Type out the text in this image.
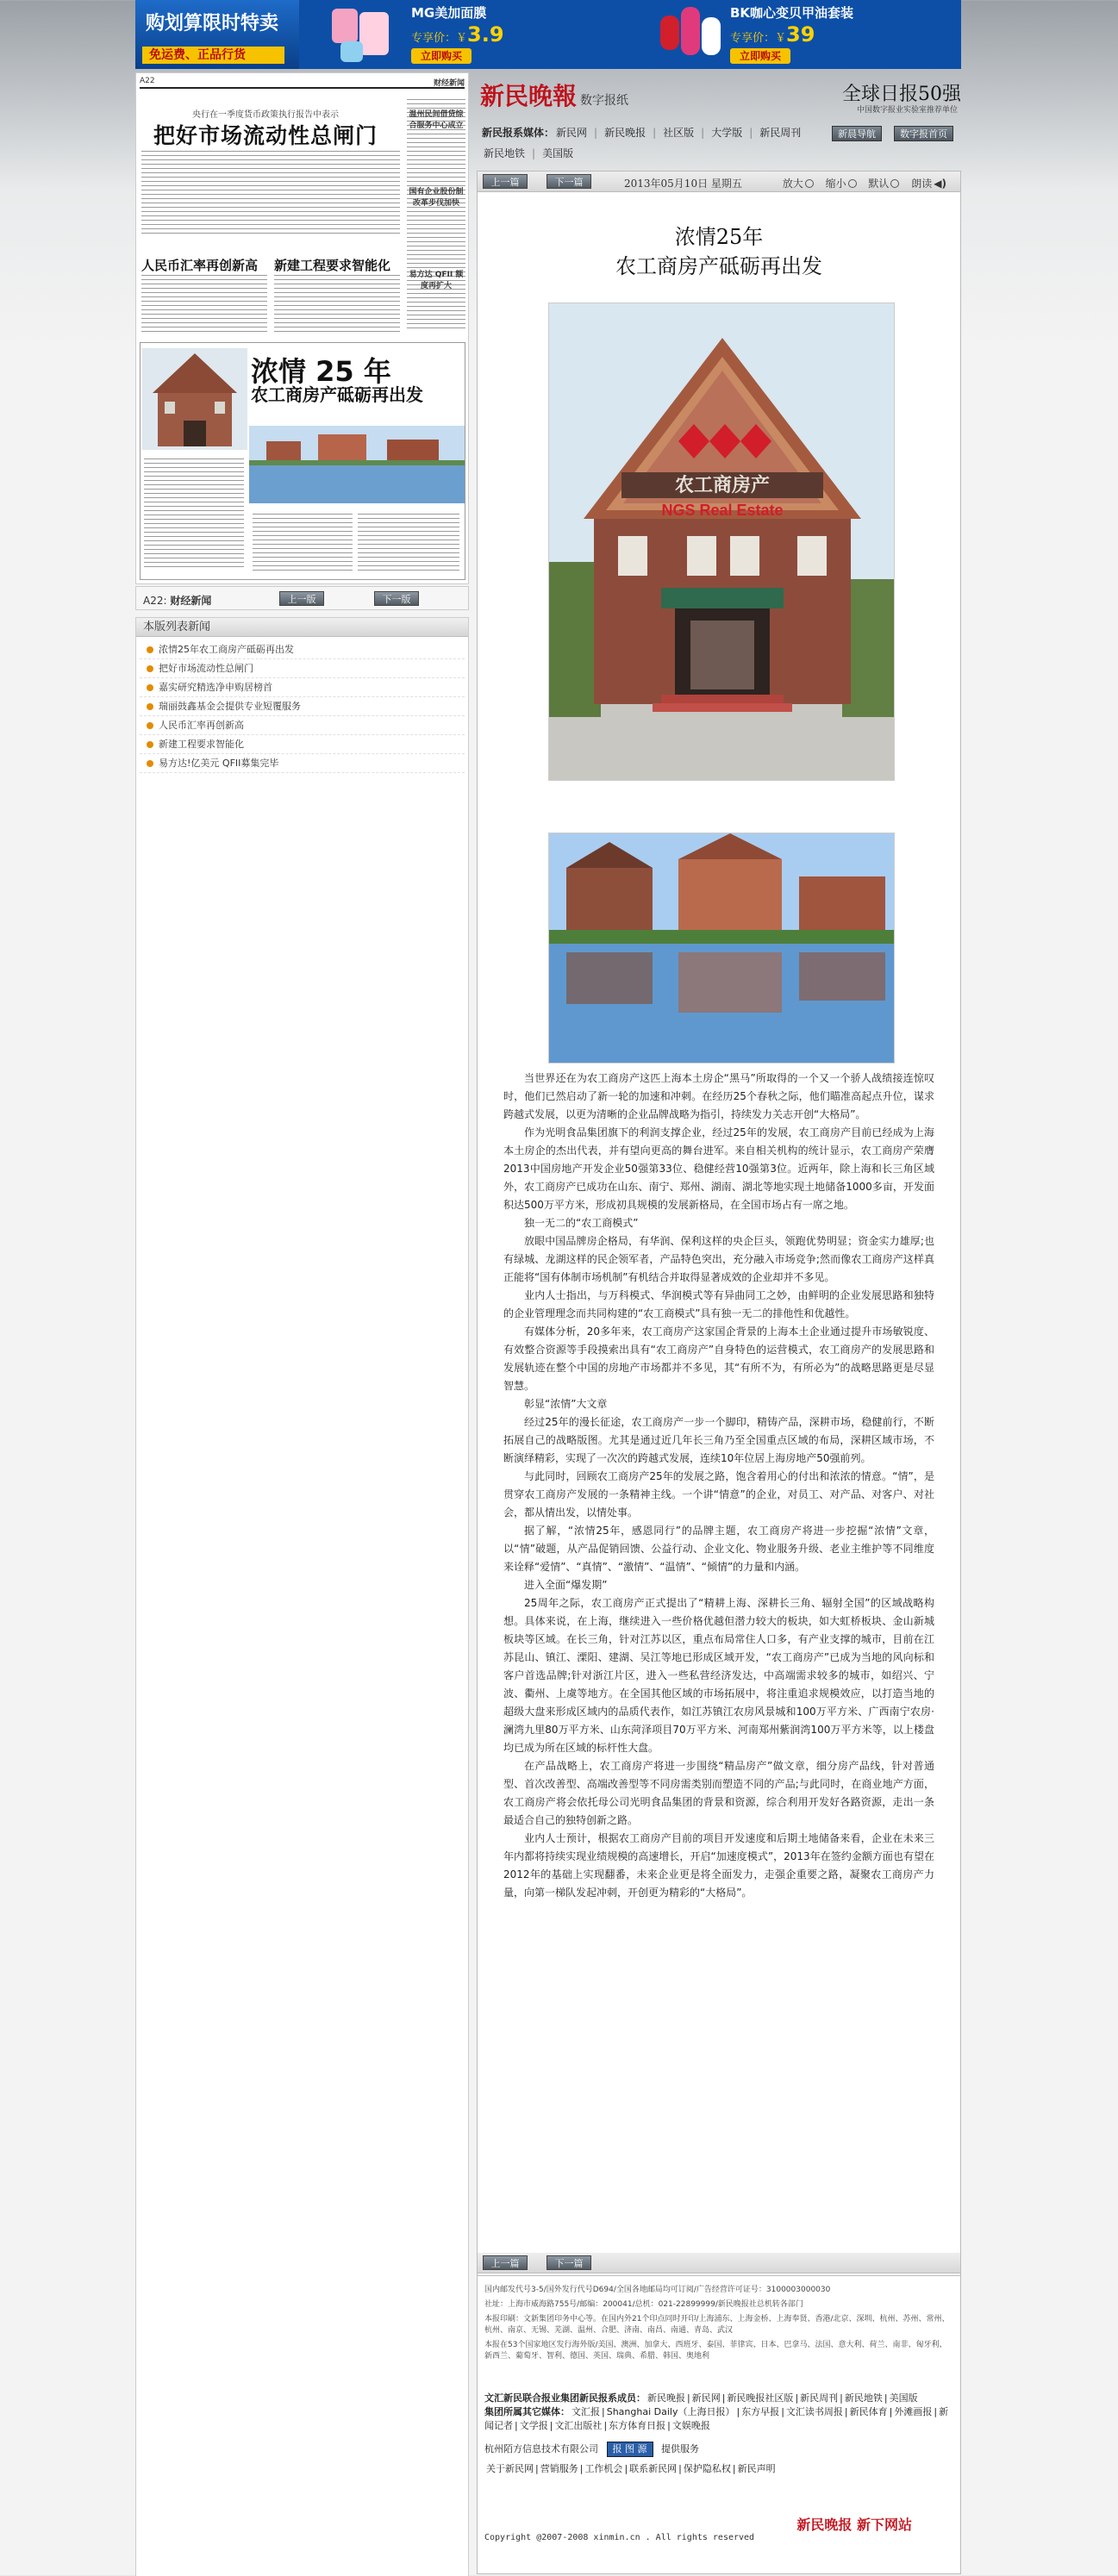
购划算限时特卖
免运费、正品行货
MG美加面膜
专享价：￥3.9
立即购买
BK咖心变贝甲油套装
专享价：￥39
立即购买
A22	财经新闻
央行在一季度货币政策执行报告中表示
把好市场流动性总闸门
温州民间借贷综合服务中心成立
国有企业股份制改革步伐加快
易方达 QFII 额度再扩大
人民币汇率再创新高 新建工程要求智能化
浓情 25 年
农工商房产砥砺再出发
A22: 财经新闻	上一版	下一版
本版列表新闻
浓情25年农工商房产砥砺再出发
把好市场流动性总闸门
嘉实研究精选净申购居榜首
瑞丽鼓鑫基金会提供专业短覆服务
人民币汇率再创新高
新建工程要求智能化
易方达!亿美元 QFII募集完毕
新民晚報 数字报纸	全球日报50强
中国数字报业实验室推荐单位
新民报系媒体： 新民网 | 新民晚报 | 社区版 | 大学版 | 新民周刊
新民地铁 | 美国版
新晨导航	数字报首页
上一篇	下一篇	2013年05月10日 星期五	放大 缩小 默认 朗读 ◀)
浓情25年
农工商房产砥砺再出发
农工商房产
NGS Real Estate

当世界还在为农工商房产这匹上海本土房企“黑马”所取得的一个又一个骄人战绩接连惊叹时，他们已然启动了新一轮的加速和冲刺。在经历25个春秋之际，他们瞄准高起点升位，谋求跨越式发展，以更为清晰的企业品牌战略为指引，持续发力关志开创“大格局”。

作为光明食品集团旗下的利润支撑企业，经过25年的发展，农工商房产目前已经成为上海本土房企的杰出代表，并有望向更高的舞台进军。来自相关机构的统计显示，农工商房产荣膺2013中国房地产开发企业50强第33位、稳健经营10强第3位。近两年，除上海和长三角区域外，农工商房产已成功在山东、南宁、郑州、湖南、湖北等地实现土地储备1000多亩，开发面积达500万平方米，形成初具规模的发展新格局，在全国市场占有一席之地。

独一无二的“农工商模式”

放眼中国品牌房企格局，有华润、保利这样的央企巨头，领跑优势明显；资金实力雄厚;也有绿城、龙湖这样的民企领军者，产品特色突出，充分融入市场竞争;然而像农工商房产这样真正能将“国有体制市场机制”有机结合并取得显著成效的企业却并不多见。

业内人士指出，与万科模式、华润模式等有异曲同工之妙，由鲜明的企业发展思路和独特的企业管理理念而共同构建的“农工商模式”具有独一无二的排他性和优越性。

有媒体分析，20多年来，农工商房产这家国企背景的上海本土企业通过提升市场敏锐度、有效整合资源等手段摸索出具有“农工商房产”自身特色的运营模式，农工商房产的发展思路和发展轨迹在整个中国的房地产市场都并不多见，其“有所不为，有所必为”的战略思路更是尽显智慧。

彰显“浓情”大文章

经过25年的漫长征途，农工商房产一步一个脚印，精铸产品，深耕市场，稳健前行，不断拓展自己的战略版图。尤其是通过近几年长三角乃至全国重点区域的布局，深耕区域市场，不断演绎精彩，实现了一次次的跨越式发展，连续10年位居上海房地产50强前列。

与此同时，回顾农工商房产25年的发展之路，饱含着用心的付出和浓浓的情意。“情”，是贯穿农工商房产发展的一条精神主线。一个讲“情意”的企业，对员工、对产品、对客户、对社会，都从情出发，以情处事。

据了解，“浓情25年，感恩同行”的品牌主题，农工商房产将进一步挖掘“浓情”文章，以“情”破题，从产品促销回馈、公益行动、企业文化、物业服务升级、老业主维护等不同维度来诠释“爱情”、“真情”、“激情”、“温情”、“倾情”的力量和内涵。

进入全面“爆发期”

25周年之际，农工商房产正式提出了“精耕上海、深耕长三角、辐射全国”的区域战略构想。具体来说，在上海，继续进入一些价格优越但潜力较大的板块，如大虹桥板块、金山新城板块等区域。在长三角，针对江苏以区，重点布局常住人口多，有产业支撑的城市，目前在江苏昆山、镇江、溧阳、建湖、吴江等地已形成区域开发，“农工商房产”已成为当地的风向标和客户首选品牌;针对浙江片区，进入一些私营经济发达，中高端需求较多的城市，如绍兴、宁波、衢州、上虞等地方。在全国其他区域的市场拓展中，将注重追求规模效应，以打造当地的超级大盘来形成区域内的品质代表作，如江苏镇江农房风景城和100万平方米、广西南宁农房·澜湾九里80万平方米、山东菏泽项目70万平方米、河南郑州紫润湾100万平方米等，以上楼盘均已成为所在区域的标杆性大盘。

在产品战略上，农工商房产将进一步围绕“精品房产”做文章，细分房产品线，针对普通型、首次改善型、高端改善型等不同房需类别而塑造不同的产品;与此同时，在商业地产方面，农工商房产将会依托母公司光明食品集团的背景和资源，综合利用开发好各路资源，走出一条最适合自己的独特创新之路。

业内人士预计，根据农工商房产目前的项目开发速度和后期土地储备来看，企业在未来三年内都将持续实现业绩规模的高速增长，开启“加速度模式”，2013年在签约金额方面也有望在2012年的基础上实现翻番，未来企业更是将全面发力，走强企重要之路，凝聚农工商房产力量，向第一梯队发起冲刺，开创更为精彩的“大格局”。

上一篇	下一篇
国内邮发代号3-5/国外发行代号D694/全国各地邮局均可订阅/广告经营许可证号：3100003000030
社址：上海市威海路755号/邮编：200041/总机：021-22899999/新民晚报社总机转各部门
本报印刷：文新集团印务中心等。在国内外21个印点同时开印/上海浦东、上海金桥、上海奉贤、香港/北京、深圳、杭州、苏州、常州、杭州、南京、无锡、芜湖、温州、合肥、济南、南昌、南通、青岛、武汉
本报在53个国家地区发行海外版/美国、澳洲、加拿大、西班牙、泰国、菲律宾、日本、巴拿马、法国、意大利、荷兰、南非、匈牙利、新西兰、葡萄牙、智利、德国、英国、瑞典、希腊、韩国、奥地利
文汇新民联合报业集团新民报系成员： 新民晚报 | 新民网 | 新民晚报社区版 | 新民周刊 | 新民地铁 | 美国版
集团所属其它媒体： 文汇报 | Shanghai Daily（上海日报） | 东方早报 | 文汇读书周报 | 新民体育 | 外滩画报 | 新闻记者 | 文学报 | 文汇出版社 | 东方体育日报 | 文娱晚报
杭州陌方信息技术有限公司 报 图 源 提供服务
关于新民网 | 营销服务 | 工作机会 | 联系新民网 | 保护隐私权 | 新民声明
Copyright @2007-2008 xinmin.cn . All rights reserved
新民晚报 新下网站
